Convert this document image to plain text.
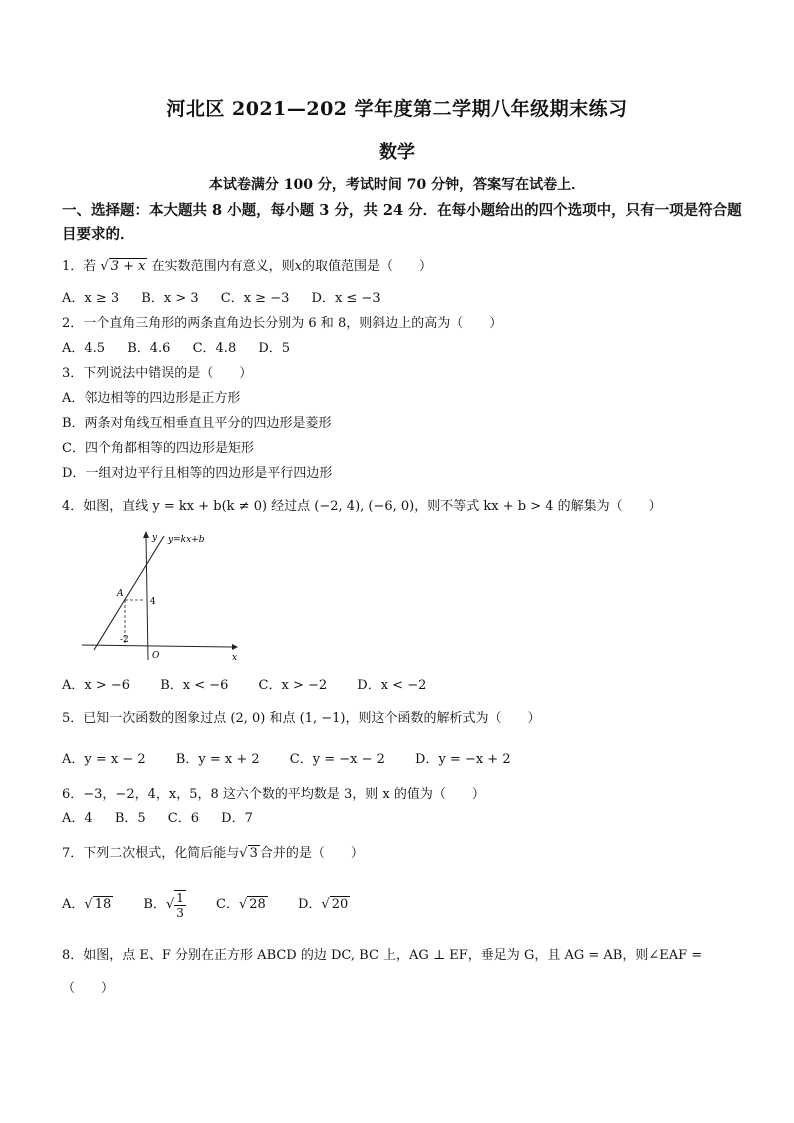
河北区 2021—202 学年度第二学期八年级期末练习
数学
本试卷满分 100 分，考试时间 70 分钟，答案写在试卷上．
一、选择题：本大题共 8 小题，每小题 3 分，共 24 分．在每小题给出的四个选项中，只有一项是符合题目要求的．
1．若 √ 3 + x 在实数范围内有意义，则x的取值范围是（　　）
A．x ≥ 3 B．x > 3 C．x ≥ −3 D．x ≤ −3
2．一个直角三角形的两条直角边长分别为 6 和 8，则斜边上的高为（　　）
A．4.5 B．4.6 C．4.8 D．5
3．下列说法中错误的是（　　）
A．邻边相等的四边形是正方形
B．两条对角线互相垂直且平分的四边形是菱形
C．四个角都相等的四边形是矩形
D．一组对边平行且相等的四边形是平行四边形
4．如图，直线 y = kx + b(k ≠ 0) 经过点 (−2, 4), (−6, 0)，则不等式 kx + b > 4 的解集为（　　）
y=kx+b
y
x
A
4
-2
O
A．x > −6 B．x < −6 C．x > −2 D．x < −2
5．已知一次函数的图象过点 (2, 0) 和点 (1, −1)，则这个函数的解析式为（　　）
A．y = x − 2 B．y = x + 2 C．y = −x − 2 D．y = −x + 2
6．−3，−2，4，x，5，8 这六个数的平均数是 3，则 x 的值为（　　）
A．4 B．5 C．6 D．7
7．下列二次根式，化简后能与√ 3 合并的是（　　）
A．√ 18 B．√ $\frac{1}{3}$ C．√ 28 D．√ 20
8．如图，点 E、F 分别在正方形 ABCD 的边 DC, BC 上，AG ⊥ EF，垂足为 G，且 AG = AB，则∠EAF =
（　　）
